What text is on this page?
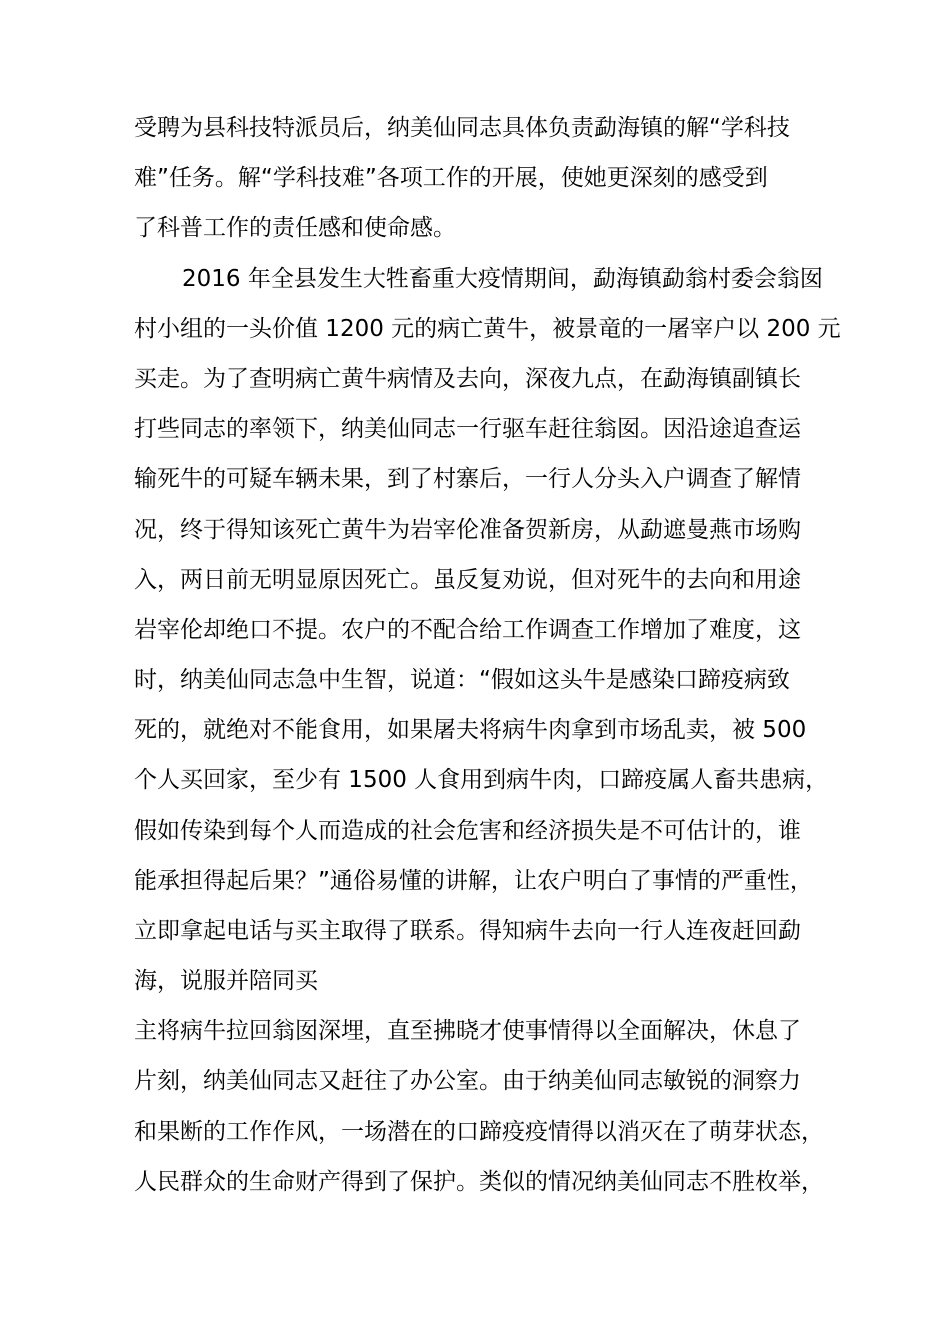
受聘为县科技特派员后，纳美仙同志具体负责勐海镇的解“学科技
难”任务。解“学科技难”各项工作的开展，使她更深刻的感受到
了科普工作的责任感和使命感。
2016 年全县发生大牲畜重大疫情期间，勐海镇勐翁村委会翁囡
村小组的一头价值 1200 元的病亡黄牛，被景竜的一屠宰户以 200 元
买走。为了查明病亡黄牛病情及去向，深夜九点，在勐海镇副镇长
打些同志的率领下，纳美仙同志一行驱车赶往翁囡。因沿途追查运
输死牛的可疑车辆未果，到了村寨后，一行人分头入户调查了解情
况，终于得知该死亡黄牛为岩宰伦准备贺新房，从勐遮曼燕市场购
入，两日前无明显原因死亡。虽反复劝说，但对死牛的去向和用途
岩宰伦却绝口不提。农户的不配合给工作调查工作增加了难度，这
时，纳美仙同志急中生智，说道：“假如这头牛是感染口蹄疫病致
死的，就绝对不能食用，如果屠夫将病牛肉拿到市场乱卖，被 500
个人买回家，至少有 1500 人食用到病牛肉，口蹄疫属人畜共患病，
假如传染到每个人而造成的社会危害和经济损失是不可估计的，谁
能承担得起后果？”通俗易懂的讲解，让农户明白了事情的严重性，
立即拿起电话与买主取得了联系。得知病牛去向一行人连夜赶回勐
海，说服并陪同买
主将病牛拉回翁囡深埋，直至拂晓才使事情得以全面解决，休息了
片刻，纳美仙同志又赶往了办公室。由于纳美仙同志敏锐的洞察力
和果断的工作作风，一场潜在的口蹄疫疫情得以消灭在了萌芽状态，
人民群众的生命财产得到了保护。类似的情况纳美仙同志不胜枚举，
